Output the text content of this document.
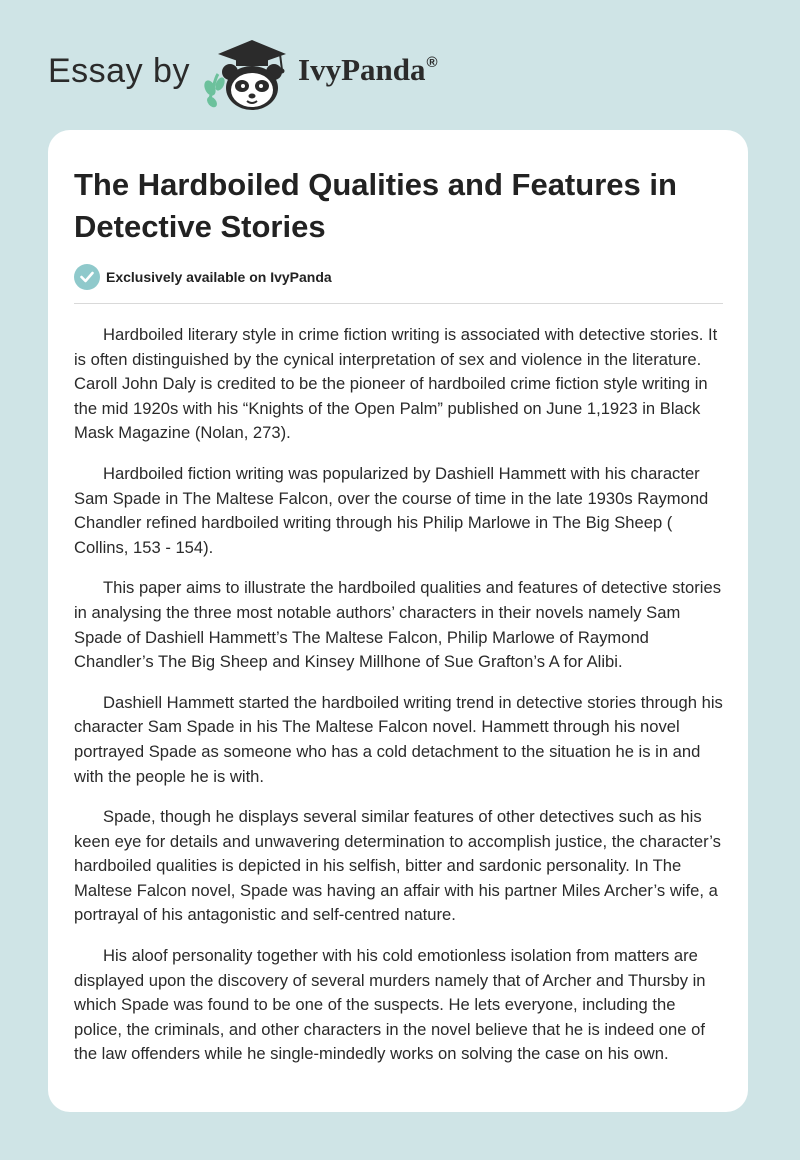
Essay by	IvyPanda®
The Hardboiled Qualities and Features in Detective Stories
Exclusively available on IvyPanda

Hardboiled literary style in crime fiction writing is associated with detective stories. It is often distinguished by the cynical interpretation of sex and violence in the literature. Caroll John Daly is credited to be the pioneer of hardboiled crime fiction style writing in the mid 1920s with his “Knights of the Open Palm” published on June 1,1923 in Black Mask Magazine (Nolan, 273).

Hardboiled fiction writing was popularized by Dashiell Hammett with his character Sam Spade in The Maltese Falcon, over the course of time in the late 1930s Raymond Chandler refined hardboiled writing through his Philip Marlowe in The Big Sheep ( Collins, 153 - 154).

This paper aims to illustrate the hardboiled qualities and features of detective stories in analysing the three most notable authors’ characters in their novels namely Sam Spade of Dashiell Hammett’s The Maltese Falcon, Philip Marlowe of Raymond Chandler’s The Big Sheep and Kinsey Millhone of Sue Grafton’s A for Alibi.

Dashiell Hammett started the hardboiled writing trend in detective stories through his character Sam Spade in his The Maltese Falcon novel. Hammett through his novel portrayed Spade as someone who has a cold detachment to the situation he is in and with the people he is with.

Spade, though he displays several similar features of other detectives such as his keen eye for details and unwavering determination to accomplish justice, the character’s hardboiled qualities is depicted in his selfish, bitter and sardonic personality. In The Maltese Falcon novel, Spade was having an affair with his partner Miles Archer’s wife, a portrayal of his antagonistic and self-centred nature.

His aloof personality together with his cold emotionless isolation from matters are displayed upon the discovery of several murders namely that of Archer and Thursby in which Spade was found to be one of the suspects. He lets everyone, including the police, the criminals, and other characters in the novel believe that he is indeed one of the law offenders while he single-mindedly works on solving the case on his own.
